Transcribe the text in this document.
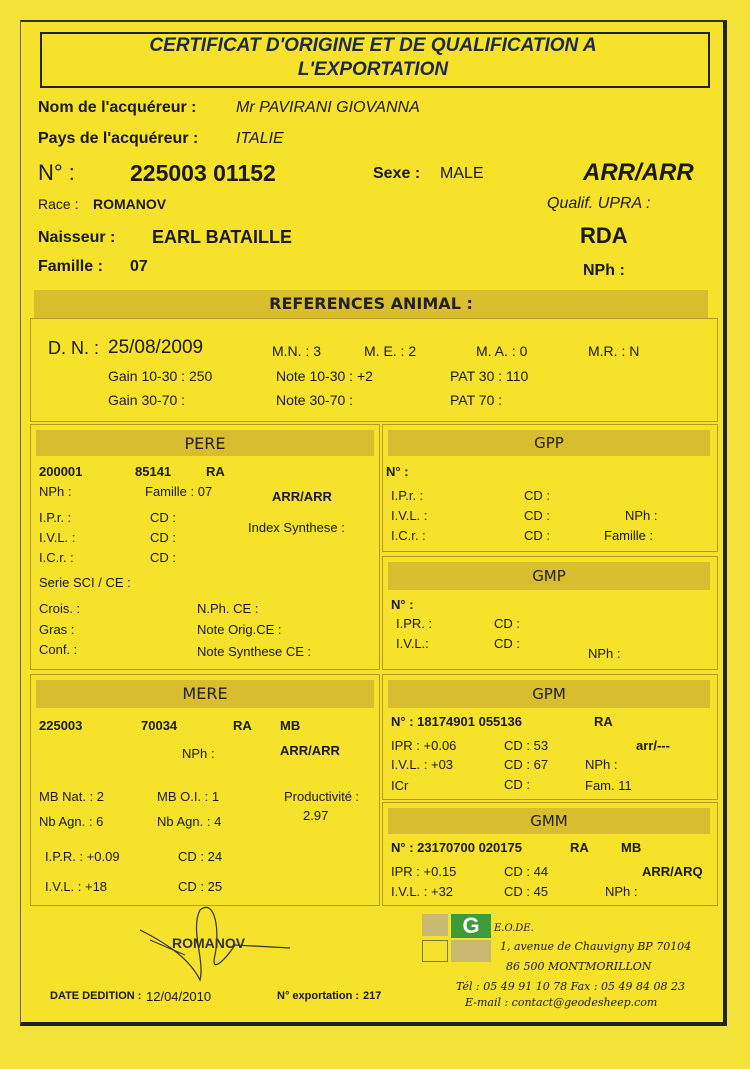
CERTIFICAT D'ORIGINE ET DE QUALIFICATION A
L'EXPORTATION
Nom de l'acquéreur : Mr PAVIRANI GIOVANNA
Pays de l'acquéreur : ITALIE
N° : 225003 01152	Sexe : MALE	ARR/ARR
Race : ROMANOV	Qualif. UPRA :
Naisseur : EARL BATAILLE	RDA
Famille : 07	NPh :
REFERENCES ANIMAL :
D. N. : 25/08/2009	M.N. : 3	M. E. : 2	M. A. : 0	M.R. : N
Gain 10-30 : 250	Note 10-30 : +2	PAT 30 : 110
Gain 30-70 :	Note 30-70 :	PAT 70 :
PERE
200001	85141	RA
NPh :	Famille : 07	ARR/ARR
I.P.r. :	CD :
Index Synthese :
I.V.L. :	CD :
I.C.r. :	CD :
Serie SCI / CE :
Crois. :	N.Ph. CE :
Gras :	Note Orig.CE :
Conf. :	Note Synthese CE :
GPP
N° :
I.P.r. :	CD :
I.V.L. :	CD :	NPh :
I.C.r. :	CD :	Famille :
GMP
N° :
I.PR. :	CD :
I.V.L.:	CD :
NPh :
MERE
225003	70034	RA MB
NPh :	ARR/ARR
MB Nat. : 2	MB O.I. : 1	Productivité :
Nb Agn. : 6	Nb Agn. : 4	2.97
I.P.R. : +0.09	CD : 24
I.V.L. : +18	CD : 25
GPM
N° : 18174901 055136	RA
IPR : +0.06	CD : 53	arr/---
I.V.L. : +03	CD : 67	NPh :
ICr	CD :	Fam. 11
GMM
N° : 23170700 020175	RA MB
IPR : +0.15	CD : 44	ARR/ARQ
I.V.L. : +32	CD : 45	NPh :
ROMANOV
DATE DEDITION : 12/04/2010	N° exportation : 217
G	E.O.DE.
1, avenue de Chauvigny BP 70104
86 500 MONTMORILLON
Tél : 05 49 91 10 78 Fax : 05 49 84 08 23
E-mail : contact@geodesheep.com
